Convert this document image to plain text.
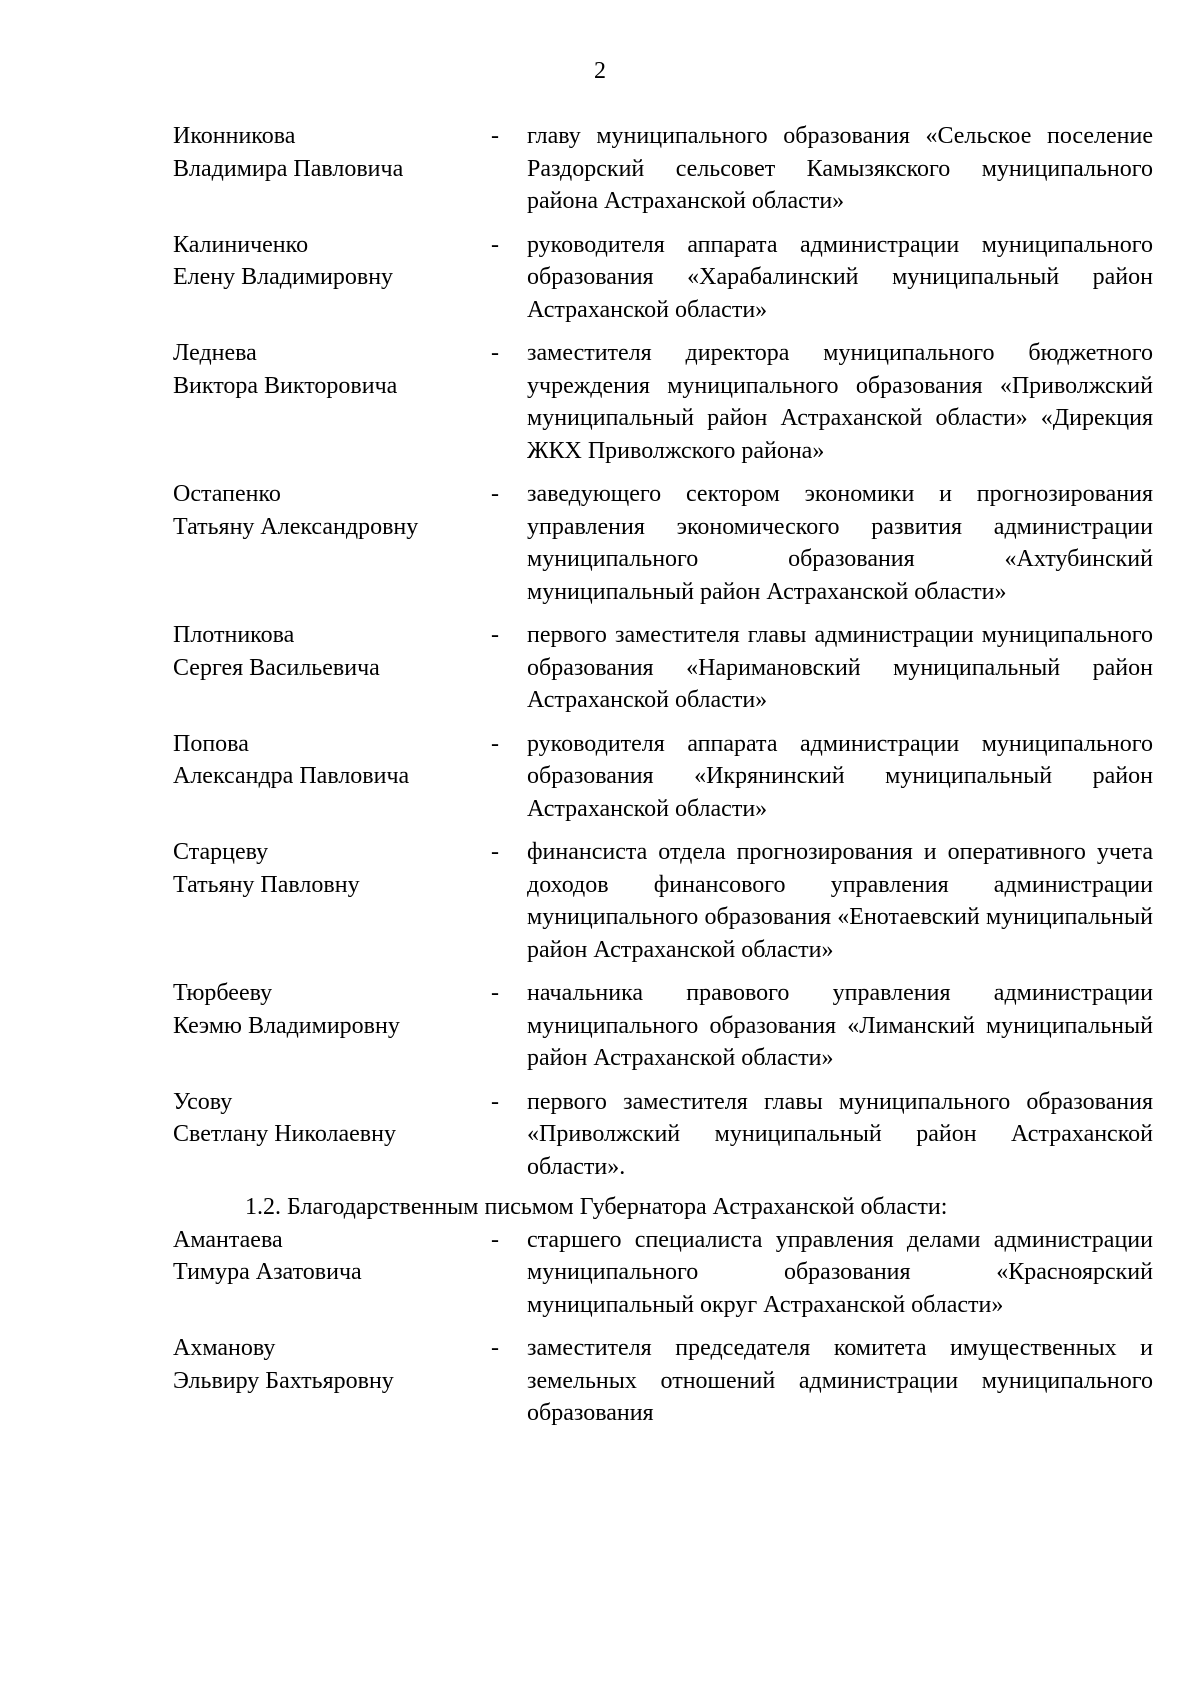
2
Иконникова
Владимира Павловича
-	главу муниципального образования «Сельское поселение Раздорский сельсовет Камызякского муниципального района Астраханской области»
Калиниченко
Елену Владимировну
-	руководителя аппарата администрации муниципального образования «Харабалинский муниципальный район Астраханской области»
Леднева
Виктора Викторовича
-	заместителя директора муниципального бюджетного учреждения муниципального образования «Приволжский муниципальный район Астраханской области» «Дирекция ЖКХ Приволжского района»
Остапенко
Татьяну Александровну
-	заведующего сектором экономики и прогнозирования управления экономического развития администрации муниципального образования «Ахтубинский муниципальный район Астраханской области»
Плотникова
Сергея Васильевича
-	первого заместителя главы администрации муниципального образования «Наримановский муниципальный район Астраханской области»
Попова
Александра Павловича
-	руководителя аппарата администрации муниципального образования «Икрянинский муниципальный район Астраханской области»
Старцеву
Татьяну Павловну
-	финансиста отдела прогнозирования и оперативного учета доходов финансового управления администрации муниципального образования «Енотаевский муниципальный район Астраханской области»
Тюрбееву
Кеэмю Владимировну
-	начальника правового управления администрации муниципального образования «Лиманский муниципальный район Астраханской области»
Усову
Светлану Николаевну
-	первого заместителя главы муниципального образования «Приволжский муниципальный район Астраханской области».
1.2. Благодарственным письмом Губернатора Астраханской области:
Амантаева
Тимура Азатовича
-	старшего специалиста управления делами администрации муниципального образования «Красноярский муниципальный округ Астраханской области»
Ахманову
Эльвиру Бахтьяровну
-	заместителя председателя комитета имущественных и земельных отношений администрации муниципального образования
